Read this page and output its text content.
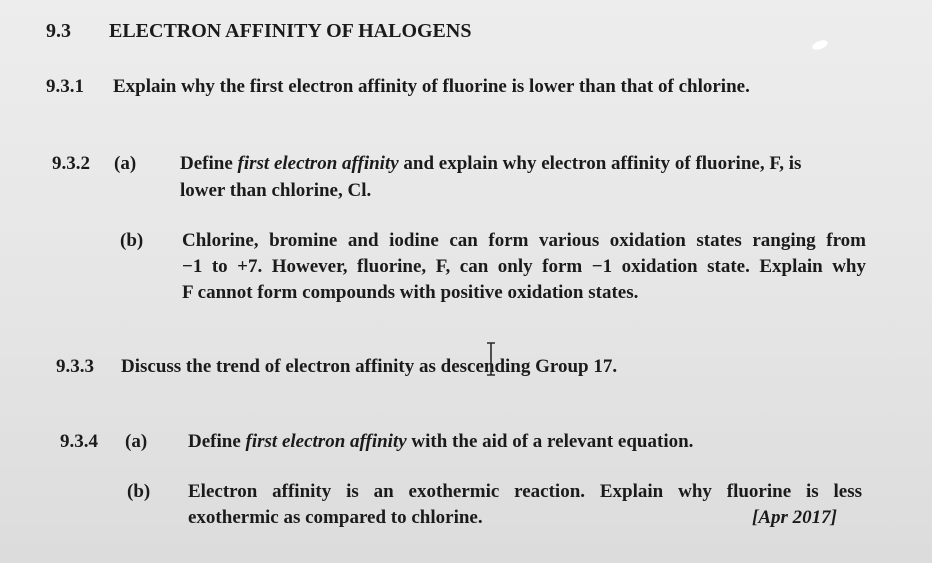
9.3 ELECTRON AFFINITY OF HALOGENS
9.3.1 Explain why the first electron affinity of fluorine is lower than that of chlorine.
9.3.2 (a) Define first electron affinity and explain why electron affinity of fluorine, F, is
lower than chlorine, Cl.
(b) Chlorine, bromine and iodine can form various oxidation states ranging from
−1 to +7. However, fluorine, F, can only form −1 oxidation state. Explain why
F cannot form compounds with positive oxidation states.
9.3.3 Discuss the trend of electron affinity as descending Group 17.
9.3.4 (a) Define first electron affinity with the aid of a relevant equation.
(b) Electron affinity is an exothermic reaction. Explain why fluorine is less
exothermic as compared to chlorine.	[Apr 2017]
